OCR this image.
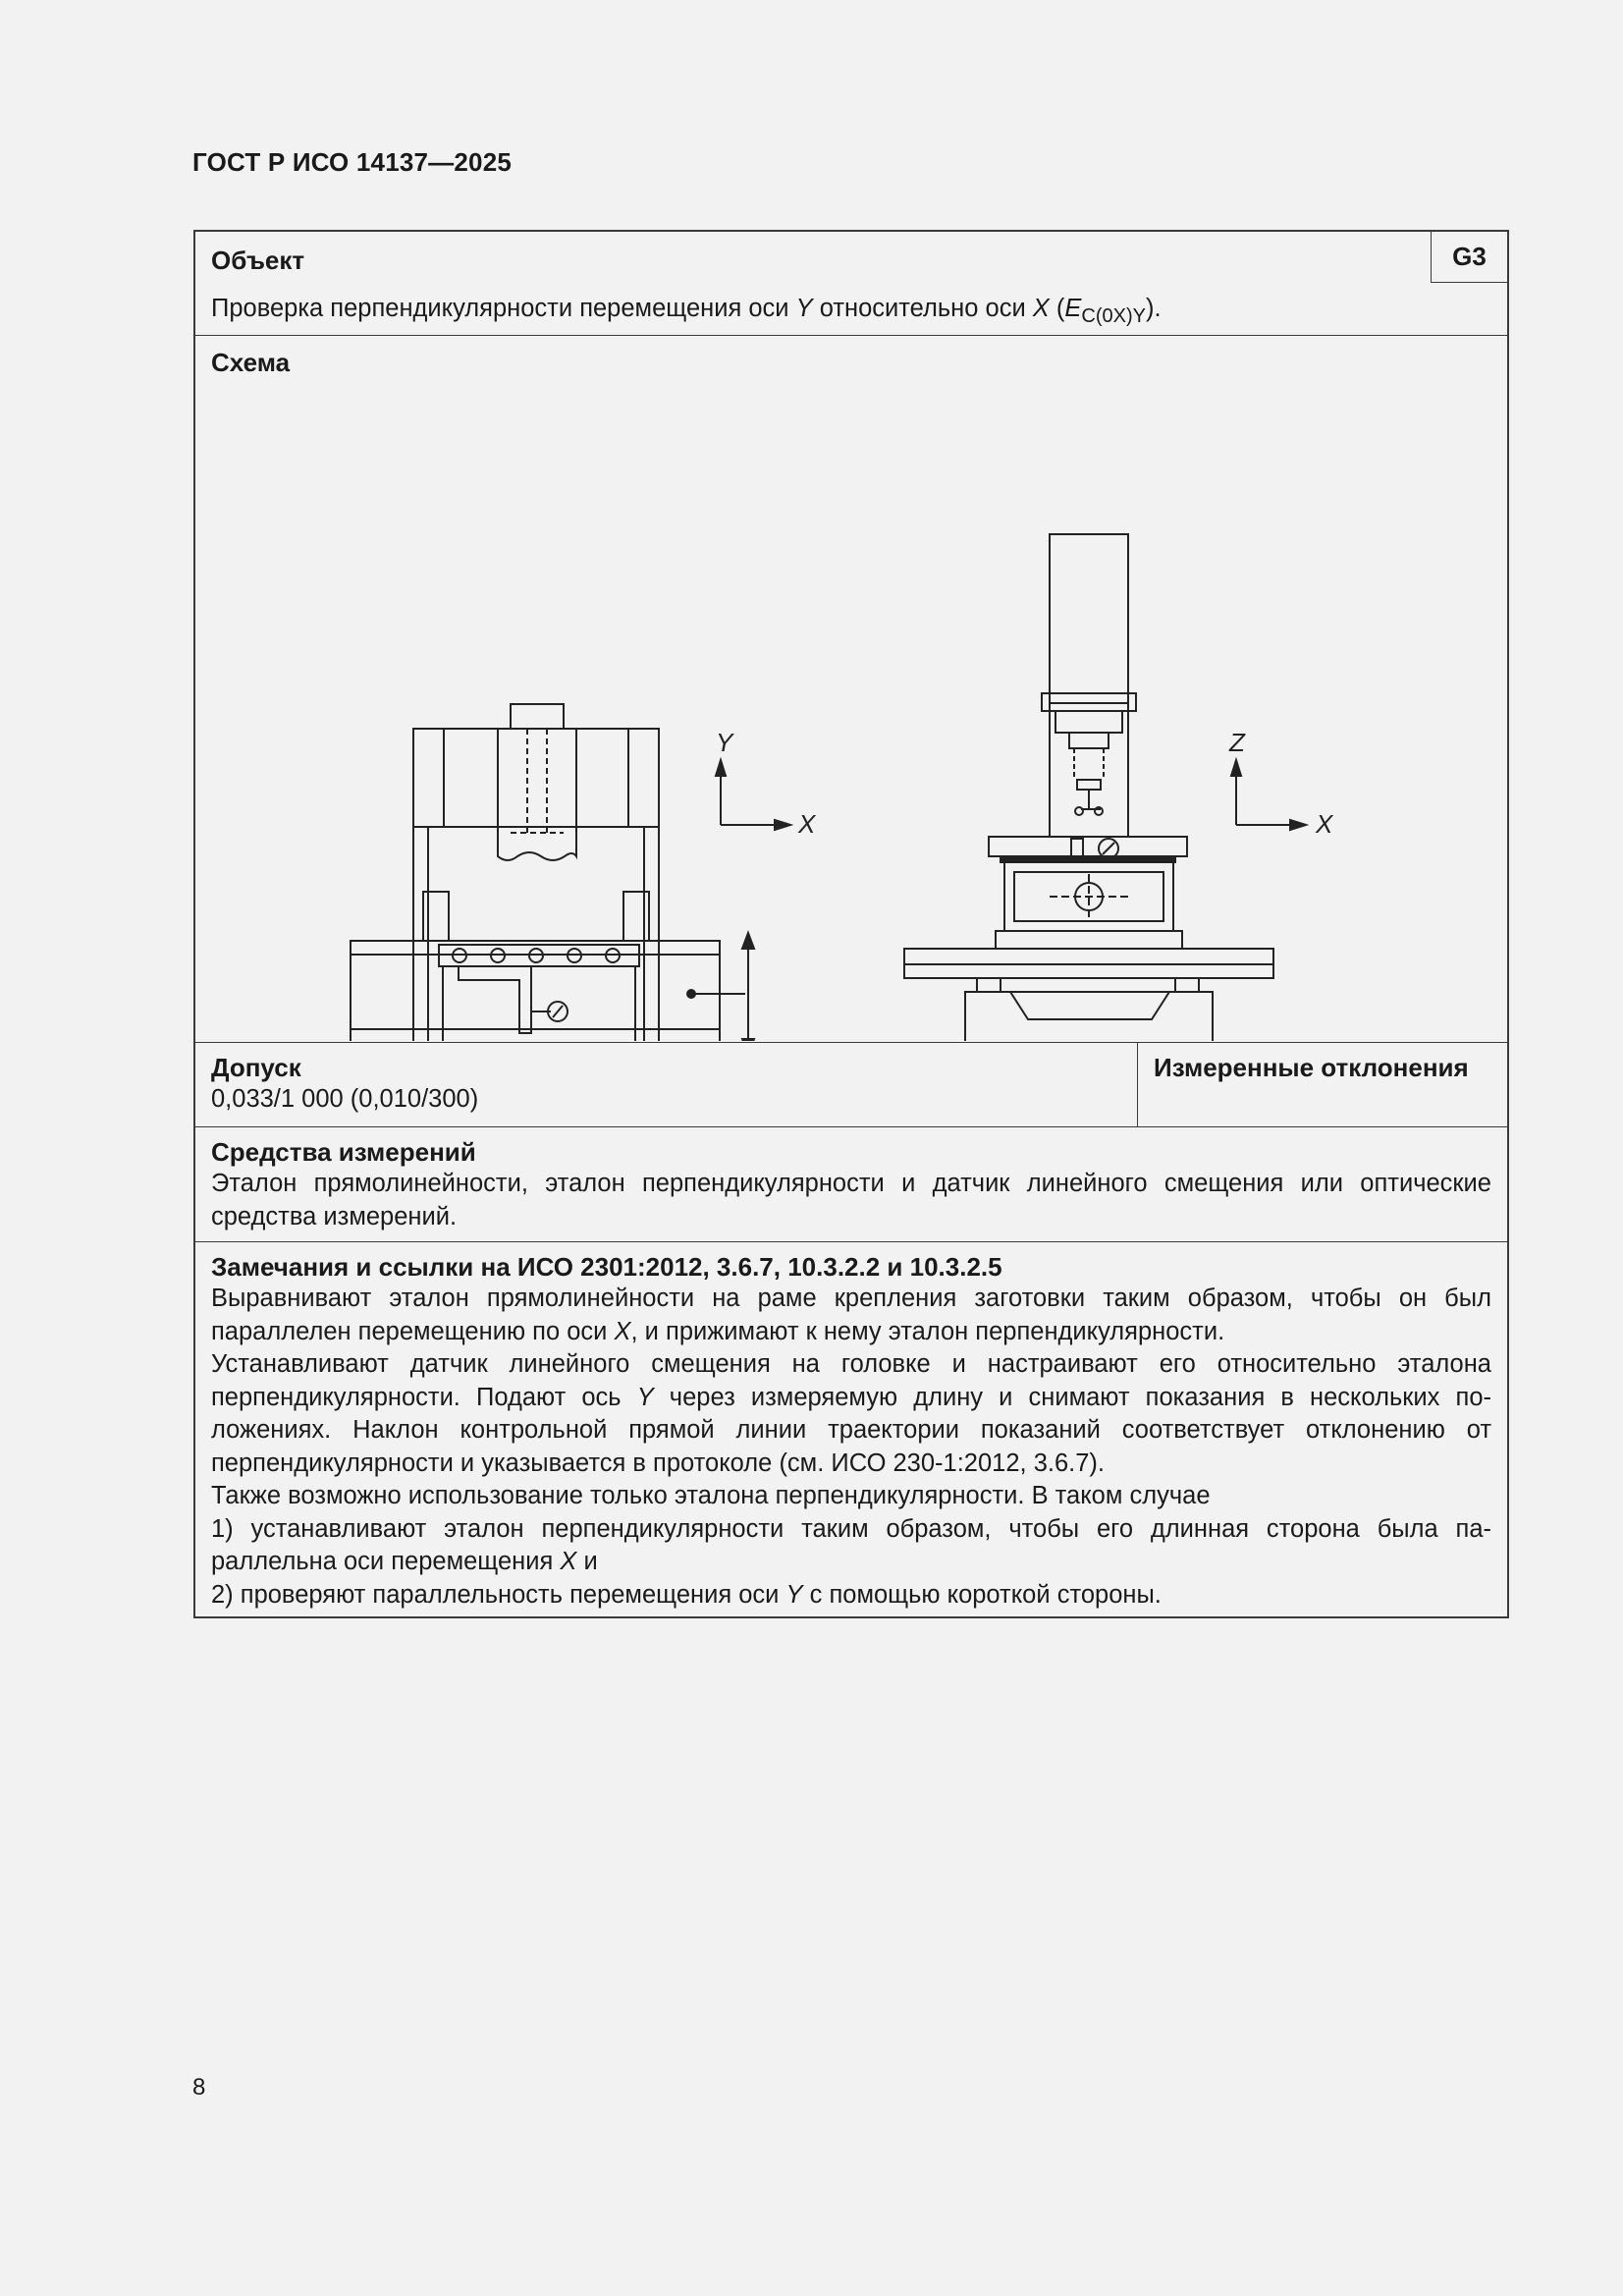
ГОСТ Р ИСО 14137—2025
Объект	G3
Проверка перпендикулярности перемещения оси Y относительно оси X $(E_{C(0X)Y})$.
Схема
Y
X
Z
X
Допуск
0,033/1 000 (0,010/300)
Измеренные отклонения
Средства измерений
Эталон прямолинейности, эталон перпендикулярности и датчик линейного смещения или оптические
средства измерений.
Замечания и ссылки на ИСО 2301:2012, 3.6.7, 10.3.2.2 и 10.3.2.5
Выравнивают эталон прямолинейности на раме крепления заготовки таким образом, чтобы он был
параллелен перемещению по оси X, и прижимают к нему эталон перпендикулярности.
Устанавливают датчик линейного смещения на головке и настраивают его относительно эталона
перпендикулярности. Подают ось Y через измеряемую длину и снимают показания в нескольких по-
ложениях. Наклон контрольной прямой линии траектории показаний соответствует отклонению от
перпендикулярности и указывается в протоколе (см. ИСО 230-1:2012, 3.6.7).
Также возможно использование только эталона перпендикулярности. В таком случае
1) устанавливают эталон перпендикулярности таким образом, чтобы его длинная сторона была па-
раллельна оси перемещения X и
2) проверяют параллельность перемещения оси Y с помощью короткой стороны.
8
